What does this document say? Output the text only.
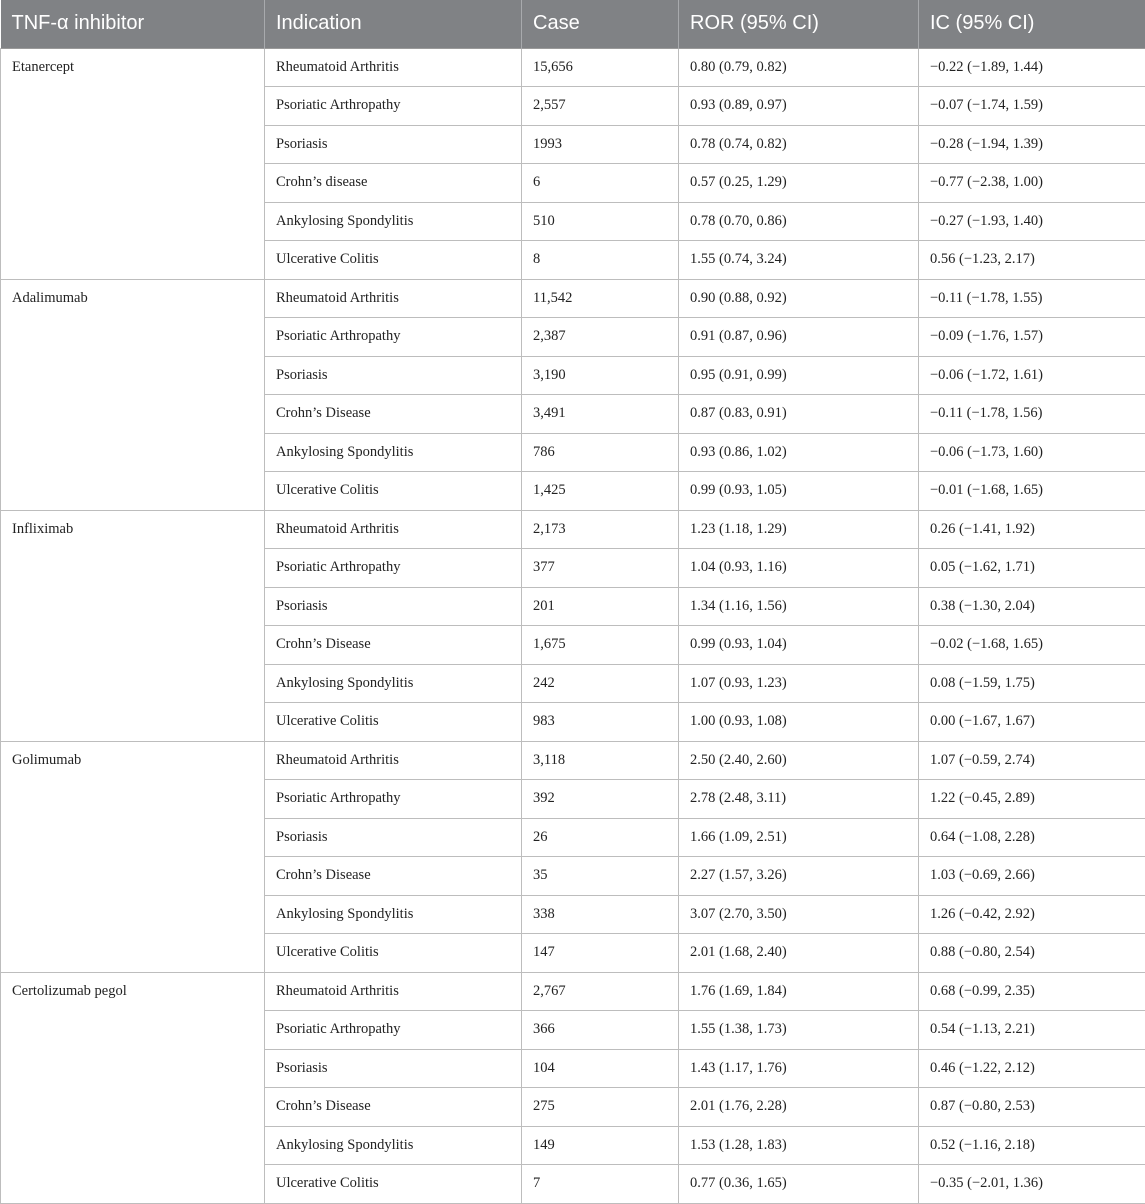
TNF-α inhibitor	Indication	Case	ROR (95% CI)	IC (95% CI)
Etanercept	Rheumatoid Arthritis	15,656	0.80 (0.79, 0.82)	−0.22 (−1.89, 1.44)
	Psoriatic Arthropathy	2,557	0.93 (0.89, 0.97)	−0.07 (−1.74, 1.59)
	Psoriasis	1993	0.78 (0.74, 0.82)	−0.28 (−1.94, 1.39)
	Crohn’s disease	6	0.57 (0.25, 1.29)	−0.77 (−2.38, 1.00)
	Ankylosing Spondylitis	510	0.78 (0.70, 0.86)	−0.27 (−1.93, 1.40)
	Ulcerative Colitis	8	1.55 (0.74, 3.24)	0.56 (−1.23, 2.17)
Adalimumab	Rheumatoid Arthritis	11,542	0.90 (0.88, 0.92)	−0.11 (−1.78, 1.55)
	Psoriatic Arthropathy	2,387	0.91 (0.87, 0.96)	−0.09 (−1.76, 1.57)
	Psoriasis	3,190	0.95 (0.91, 0.99)	−0.06 (−1.72, 1.61)
	Crohn’s Disease	3,491	0.87 (0.83, 0.91)	−0.11 (−1.78, 1.56)
	Ankylosing Spondylitis	786	0.93 (0.86, 1.02)	−0.06 (−1.73, 1.60)
	Ulcerative Colitis	1,425	0.99 (0.93, 1.05)	−0.01 (−1.68, 1.65)
Infliximab	Rheumatoid Arthritis	2,173	1.23 (1.18, 1.29)	0.26 (−1.41, 1.92)
	Psoriatic Arthropathy	377	1.04 (0.93, 1.16)	0.05 (−1.62, 1.71)
	Psoriasis	201	1.34 (1.16, 1.56)	0.38 (−1.30, 2.04)
	Crohn’s Disease	1,675	0.99 (0.93, 1.04)	−0.02 (−1.68, 1.65)
	Ankylosing Spondylitis	242	1.07 (0.93, 1.23)	0.08 (−1.59, 1.75)
	Ulcerative Colitis	983	1.00 (0.93, 1.08)	0.00 (−1.67, 1.67)
Golimumab	Rheumatoid Arthritis	3,118	2.50 (2.40, 2.60)	1.07 (−0.59, 2.74)
	Psoriatic Arthropathy	392	2.78 (2.48, 3.11)	1.22 (−0.45, 2.89)
	Psoriasis	26	1.66 (1.09, 2.51)	0.64 (−1.08, 2.28)
	Crohn’s Disease	35	2.27 (1.57, 3.26)	1.03 (−0.69, 2.66)
	Ankylosing Spondylitis	338	3.07 (2.70, 3.50)	1.26 (−0.42, 2.92)
	Ulcerative Colitis	147	2.01 (1.68, 2.40)	0.88 (−0.80, 2.54)
Certolizumab pegol	Rheumatoid Arthritis	2,767	1.76 (1.69, 1.84)	0.68 (−0.99, 2.35)
	Psoriatic Arthropathy	366	1.55 (1.38, 1.73)	0.54 (−1.13, 2.21)
	Psoriasis	104	1.43 (1.17, 1.76)	0.46 (−1.22, 2.12)
	Crohn’s Disease	275	2.01 (1.76, 2.28)	0.87 (−0.80, 2.53)
	Ankylosing Spondylitis	149	1.53 (1.28, 1.83)	0.52 (−1.16, 2.18)
	Ulcerative Colitis	7	0.77 (0.36, 1.65)	−0.35 (−2.01, 1.36)
